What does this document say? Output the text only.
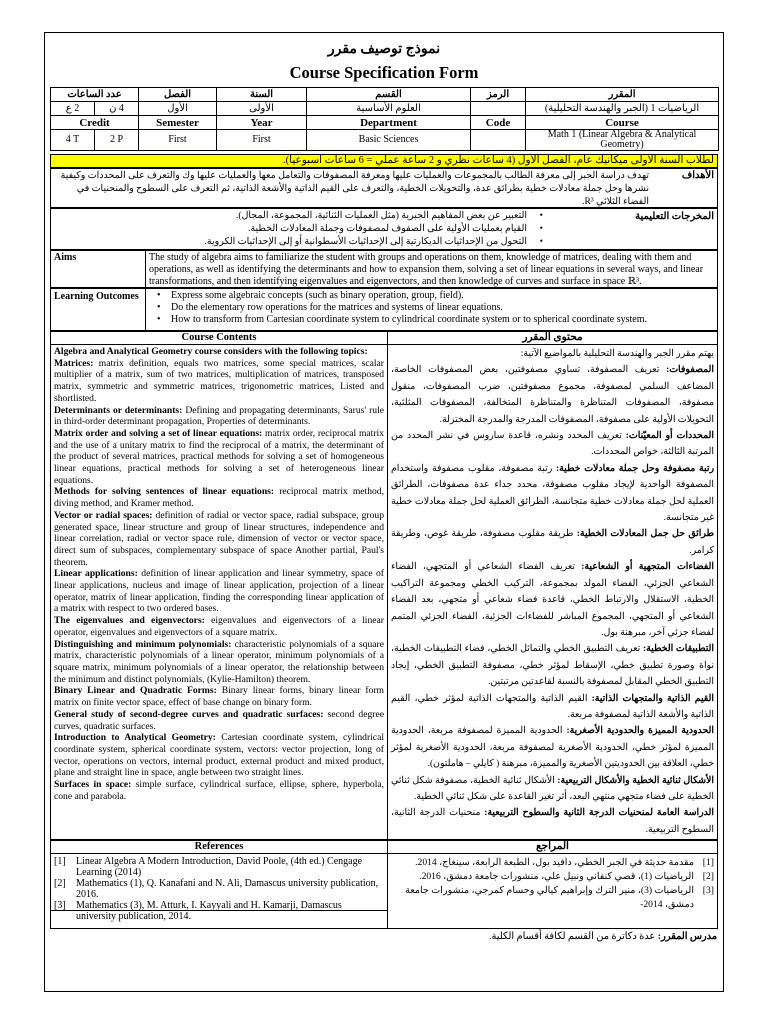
نموذج توصيف مقرر
Course Specification Form
عدد الساعات		الفصل	السنة	القسم	الرمز	المقرر
2 ع	4 ن	الأول	الأولى	العلوم الأساسية		الرياضيات 1 (الجبر والهندسة التحليلية)
Credit		Semester	Year	Department	Code	Course
4 T	2 P	First	First	Basic Sciences		Math 1 (Linear Algebra & Analytical Geometry)
لطلاب السنة الأولى ميكانيك عام، الفصل الأول (4 ساعات نظري و 2 ساعة عملي = 6 ساعات أسبوعيا).
الأهداف
تهدف دراسة الجبر إلى معرفة الطالب بالمجموعات والعمليات عليها ومعرفة المصفوفات والتعامل معها والعمليات عليها وك والتعرف على المحددات وكيفية نشرها وحل جملة معادلات خطية بطرائق عدة، والتحويلات الخطية، والتعرف على القيم الذاتية والأشعة الذاتية، ثم التعرف على السطوح والمنحنيات في الفضاء الثلاثي R³.
المخرجات التعليمية
• التعبير عن بعض المفاهيم الجبرية (مثل العمليات الثنائية، المجموعة، المجال).
• القيام بعمليات الأولية على الصفوف لمصفوفات وجملة المعادلات الخطية.
• التحول من الإحداثيات الديكارتية إلى الإحداثيات الأسطوانية أو إلى الإحداثيات الكروية.
Aims	The study of algebra aims to familiarize the student with groups and operations on them, knowledge of matrices, dealing with them and operations, as well as identifying the determinants and how to expansion them, solving a set of linear equations in several ways, and linear transformations, and then identifying eigenvalues and eigenvectors, and then knowledge of curves and surface in space ℝ³.
Learning Outcomes	• Express some algebraic concepts (such as binary operation, group, field).
• Do the elementary row operations for the matrices and systems of linear equations.
• How to transform from Cartesian coordinate system to cylindrical coordinate system or to spherical coordinate system.
Course Contents	محتوى المقرر
Algebra and Analytical Geometry course considers with the following topics:
Matrices: matrix definition, equals two matrices, some special matrices, scalar multiplier of a matrix, sum of two matrices, multiplication of matrices, transposed matrix, symmetric and symmetric matrices, trigonometric matrices, Listed and shortlisted.
Determinants or determinants: Defining and propagating determinants, Sarus' rule in third-order determinant propagation, Properties of determinants.
Matrix order and solving a set of linear equations: matrix order, reciprocal matrix and the use of a unitary matrix to find the reciprocal of a matrix, the determinant of the product of several matrices, practical methods for solving a set of homogeneous linear equations, practical methods for solving a set of heterogeneous linear equations.
Methods for solving sentences of linear equations: reciprocal matrix method, diving method, and Kramer method.
Vector or radial spaces: definition of radial or vector space, radial subspace, group generated space, linear structure and group of linear structures, independence and linear correlation, radial or vector space rule, dimension of vector or vector space, direct sum of subspaces, complementary subspace of space Another partial, Paul's theorem.
Linear applications: definition of linear application and linear symmetry, space of linear applications, nucleus and image of linear application, projection of a linear operator, matrix of linear application, finding the corresponding linear application of a matrix with respect to two ordered bases.
The eigenvalues and eigenvectors: eigenvalues and eigenvectors of a linear operator, eigenvalues and eigenvectors of a square matrix.
Distinguishing and minimum polynomials: characteristic polynomials of a square matrix, characteristic polynomials of a linear operator, minimum polynomials of a square matrix, minimum polynomials of a linear operator, the relationship between the minimum and distinct polynomials, (Kylie-Hamilton) theorem.
Binary Linear and Quadratic Forms: Binary linear forms, binary linear form matrix on finite vector space, effect of base change on binary form.
General study of second-degree curves and quadratic surfaces: second degree curves, quadratic surfaces.
Introduction to Analytical Geometry: Cartesian coordinate system, cylindrical coordinate system, spherical coordinate system, vectors: vector projection, long of vector, operations on vectors, internal product, external product and mixed product, plane and straight line in space, angle between two straight lines.
Surfaces in space: simple surface, cylindrical surface, ellipse, sphere, hyperbola, cone and parabola.
يهتم مقرر الجبر والهندسة التحليلية بالمواضيع الآتية:
المصفوفات: تعريف المصفوفة، تساوي مصفوفتين، بعض المصفوفات الخاصة، المضاعف السلمي لمصفوفة، مجموع مصفوفتين، ضرب المصفوفات، منقول مصفوفة، المصفوفات المتناظرة والمتناظرة المتخالفة، المصفوفات المثلثية، التحويلات الأولية على مصفوفة، المصفوفات المدرجة والمدرجة المختزلة.
المحددات أو المعيّنات: تعريف المحدد ونشره، قاعدة ساروس في نشر المحدد من المرتبة الثالثة، خواص المحددات.
رتبة مصفوفة وحل جملة معادلات خطية: رتبة مصفوفة، مقلوب مصفوفة واستخدام المصفوفة الواحدية لإيجاد مقلوب مصفوفة، محدد جداء عدة مصفوفات، الطرائق العملية لحل جملة معادلات خطية متجانسة، الطرائق العملية لحل جملة معادلات خطية غير متجانسة.
طرائق حل جمل المعادلات الخطية: طريقة مقلوب مصفوفة، طريقة غوص، وطريقة كرامر.
الفضاءات المتجهية أو الشعاعية: تعريف الفضاء الشعاعي أو المتجهي، الفضاء الشعاعي الجزئي، الفضاء المولد بمجموعة، التركيب الخطي ومجموعة التراكيب الخطية، الاستقلال والارتباط الخطي، قاعدة فضاء شعاعي أو متجهي، بعد الفضاء الشعاعي أو المتجهي، المجموع المباشر للفضاءات الجزئية، الفضاء الجزئي المتمم لفضاء جزئي آخر، مبرهنة بول.
التطبيقات الخطية: تعريف التطبيق الخطي والتماثل الخطي، فضاء التطبيقات الخطية، نواة وصورة تطبيق خطي، الإسقاط لمؤثر خطي، مصفوفة التطبيق الخطي، إيجاد التطبيق الخطي المقابل لمصفوفة بالنسبة لقاعدتين مرتبتين.
القيم الذاتية والمتجهات الذاتية: القيم الذاتية والمتجهات الذاتية لمؤثر خطي، القيم الذاتية والأشعة الذاتية لمصفوفة مربعة.
الحدودية المميزة والحدودية الأصغرية: الحدودية المميزة لمصفوفة مربعة، الحدودية المميزة لمؤثر خطي، الحدودية الأصغرية لمصفوفة مربعة، الحدودية الأصغرية لمؤثر خطي، العلاقة بين الحدوديتين الأصغرية والمميزة، مبرهنة ( كايلي – هاملتون).
الأشكال ثنائية الخطية والأشكال التربيعية: الأشكال ثنائية الخطية، مصفوفة شكل ثنائي الخطية على فضاء متجهي منتهي البعد، أثر تغير القاعدة على شكل ثنائي الخطية.
الدراسة العامة لمنحنيات الدرجة الثانية والسطوح التربيعية: منحنيات الدرجة الثانية، السطوح التربيعية.
References	المراجع
[1]	Linear Algebra A Modern Introduction, David Poole, (4th ed.) Cengage Learning (2014)
[2]	Mathematics (1), Q. Kanafani and N. Ali, Damascus university publication, 2016.
[3]	Mathematics (3), M. Atturk, I. Kayyali and H. Kamarji, Damascus university publication, 2014.
[1]
مقدمة حديثة في الجبر الخطي، دافيد بول، الطبعة الرابعة، سينغاج، 2014.
[2]
الرياضيات (1)، قصي كنفاني ونبيل علي، منشورات جامعة دمشق، 2016.
[3]
الرياضيات (3)، منير الترك وإبراهيم كيالي وحسام كمرجي، منشورات جامعة دمشق، 2014-
مدرس المقرر: عدة دكاترة من القسم لكافة أقسام الكلية.
